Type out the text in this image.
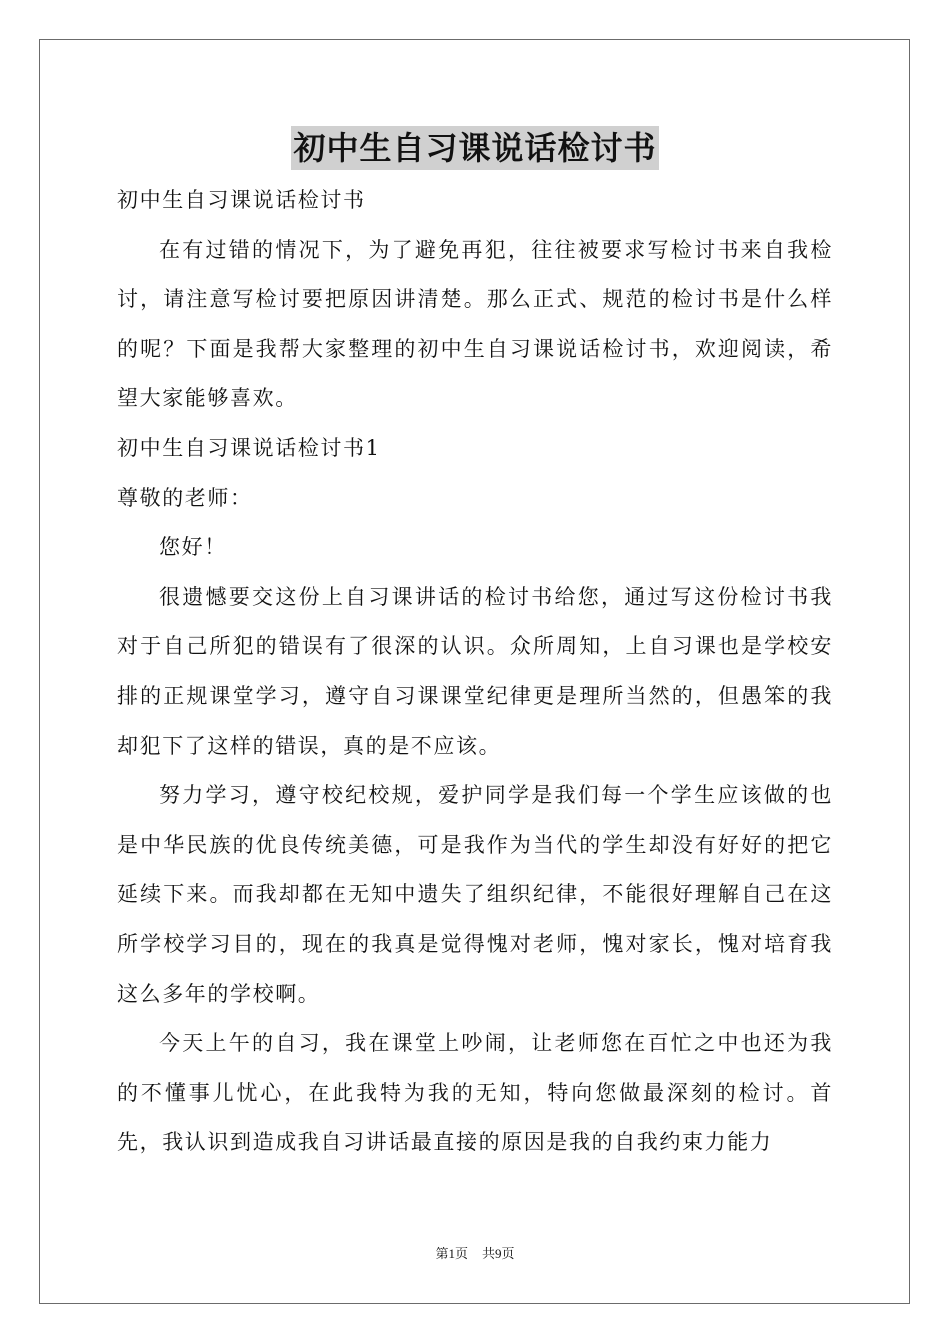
初中生自习课说话检讨书

初中生自习课说话检讨书

在有过错的情况下，为了避免再犯，往往被要求写检讨书来自我检讨，请注意写检讨要把原因讲清楚。那么正式、规范的检讨书是什么样的呢？下面是我帮大家整理的初中生自习课说话检讨书，欢迎阅读，希望大家能够喜欢。

初中生自习课说话检讨书1

尊敬的老师：

您好！

很遗憾要交这份上自习课讲话的检讨书给您，通过写这份检讨书我对于自己所犯的错误有了很深的认识。众所周知，上自习课也是学校安排的正规课堂学习，遵守自习课课堂纪律更是理所当然的，但愚笨的我却犯下了这样的错误，真的是不应该。

努力学习，遵守校纪校规，爱护同学是我们每一个学生应该做的也是中华民族的优良传统美德，可是我作为当代的学生却没有好好的把它延续下来。而我却都在无知中遗失了组织纪律，不能很好理解自己在这所学校学习目的，现在的我真是觉得愧对老师，愧对家长，愧对培育我这么多年的学校啊。

今天上午的自习，我在课堂上吵闹，让老师您在百忙之中也还为我的不懂事儿忧心，在此我特为我的无知，特向您做最深刻的检讨。首先，我认识到造成我自习讲话最直接的原因是我的自我约束力能力

第1页 共9页
